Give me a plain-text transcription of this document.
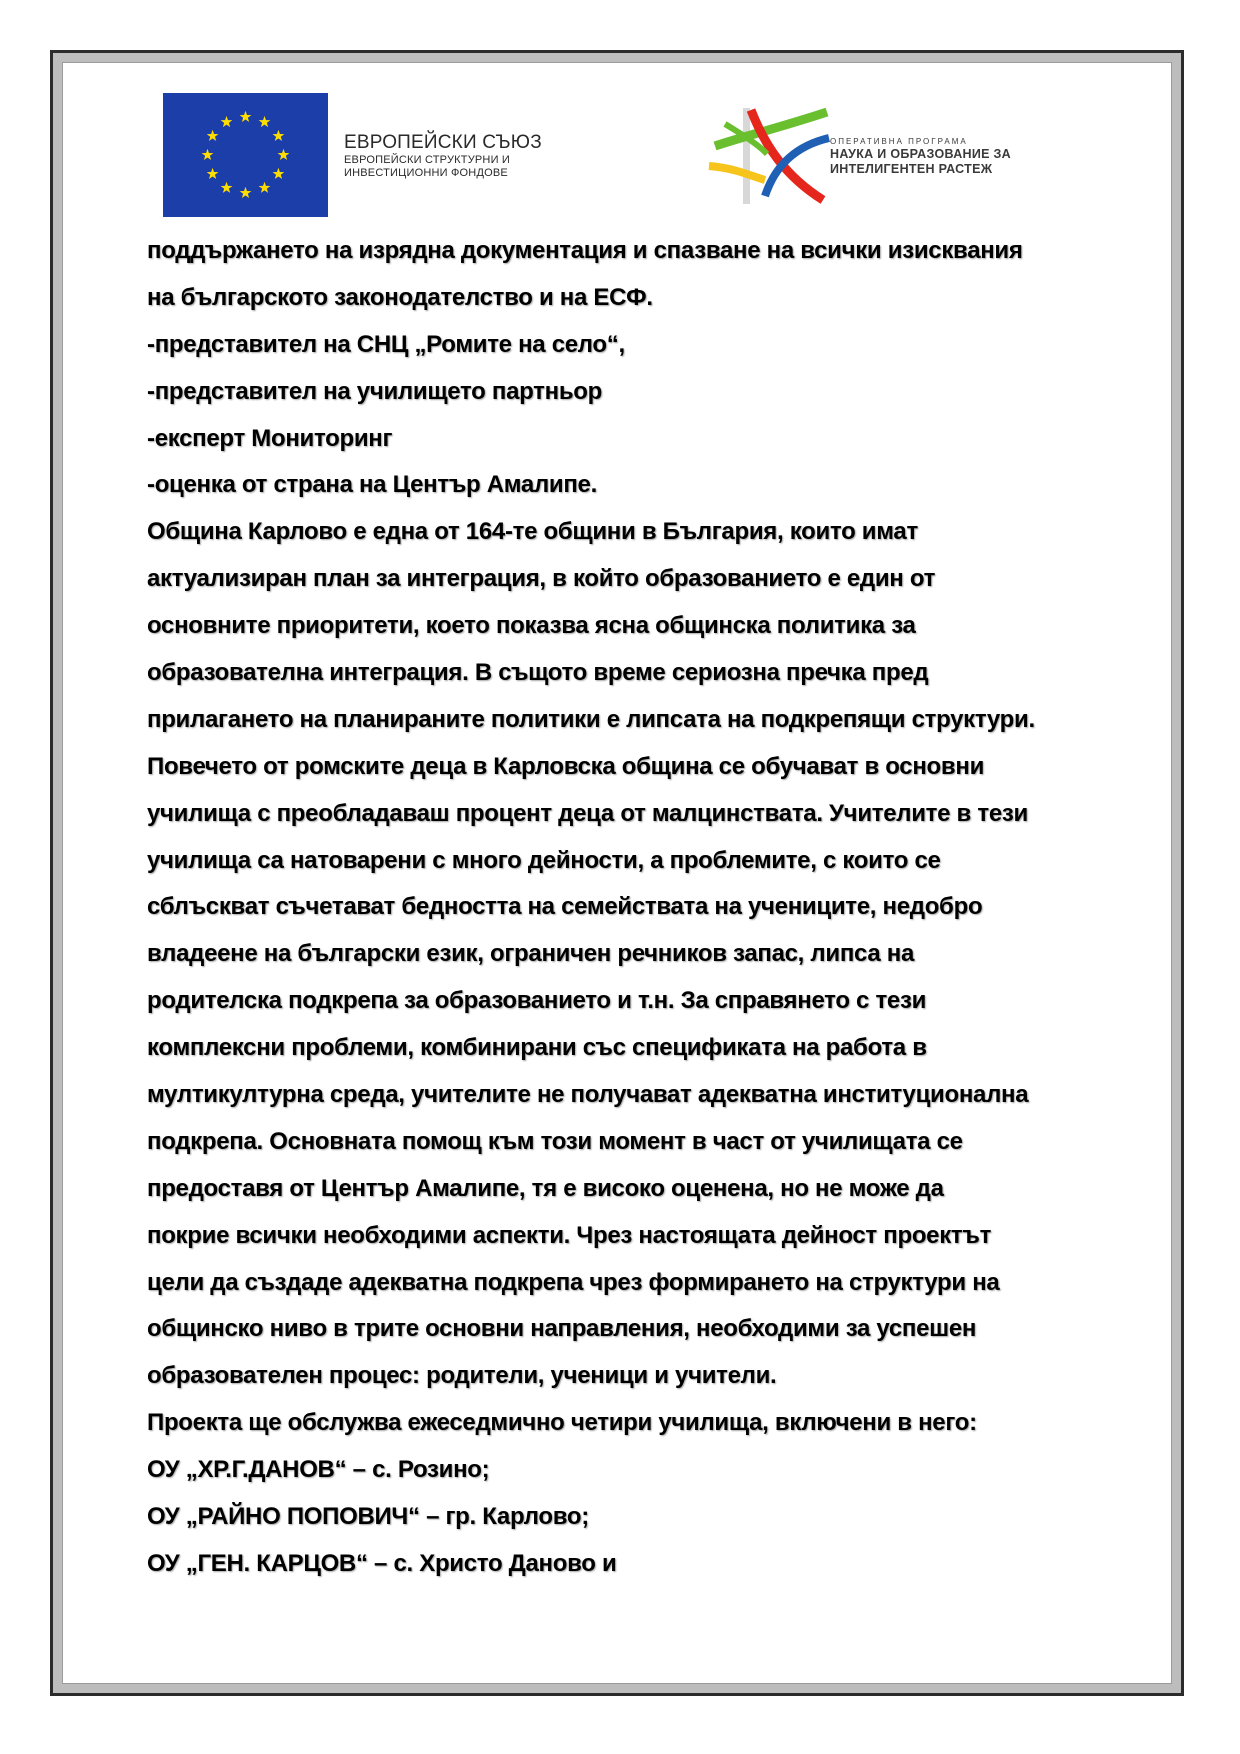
ЕВРОПЕЙСКИ СЪЮЗ
ЕВРОПЕЙСКИ СТРУКТУРНИ И
ИНВЕСТИЦИОННИ ФОНДОВЕ
ОПЕРАТИВНА ПРОГРАМА
НАУКА И ОБРАЗОВАНИЕ ЗА
ИНТЕЛИГЕНТЕН РАСТЕЖ
поддържането на изрядна документация и спазване на всички изисквания
на българското законодателство и на ЕСФ.
-представител на СНЦ „Ромите на село“,
-представител на училището партньор
-експерт Мониторинг
-оценка от страна на Център Амалипе.
Община Карлово е една от 164-те общини в България, които имат
актуализиран план за интеграция, в който образованието е един от
основните приоритети, което показва ясна общинска политика за
образователна интеграция. В същото време сериозна пречка пред
прилагането на планираните политики е липсата на подкрепящи структури.
Повечето от ромските деца в Карловска община се обучават в основни
училища с преобладаваш процент деца от малцинствата. Учителите в тези
училища са натоварени с много дейности, а проблемите, с които се
сблъскват съчетават бедността на семействата на учениците, недобро
владеене на български език, ограничен речников запас, липса на
родителска подкрепа за образованието и т.н. За справянето с тези
комплексни проблеми, комбинирани със спецификата на работа в
мултикултурна среда, учителите не получават адекватна институционална
подкрепа. Основната помощ към този момент в част от училищата се
предоставя от Център Амалипе, тя е високо оценена, но не може да
покрие всички необходими аспекти. Чрез настоящата дейност проектът
цели да създаде адекватна подкрепа чрез формирането на структури на
общинско ниво в трите основни направления, необходими за успешен
образователен процес: родители, ученици и учители.
Проекта ще обслужва ежеседмично четири училища, включени в него:
ОУ „ХР.Г.ДАНОВ“ – с. Розино;
ОУ „РАЙНО ПОПОВИЧ“ – гр. Карлово;
ОУ „ГЕН. КАРЦОВ“ – с. Христо Даново и
